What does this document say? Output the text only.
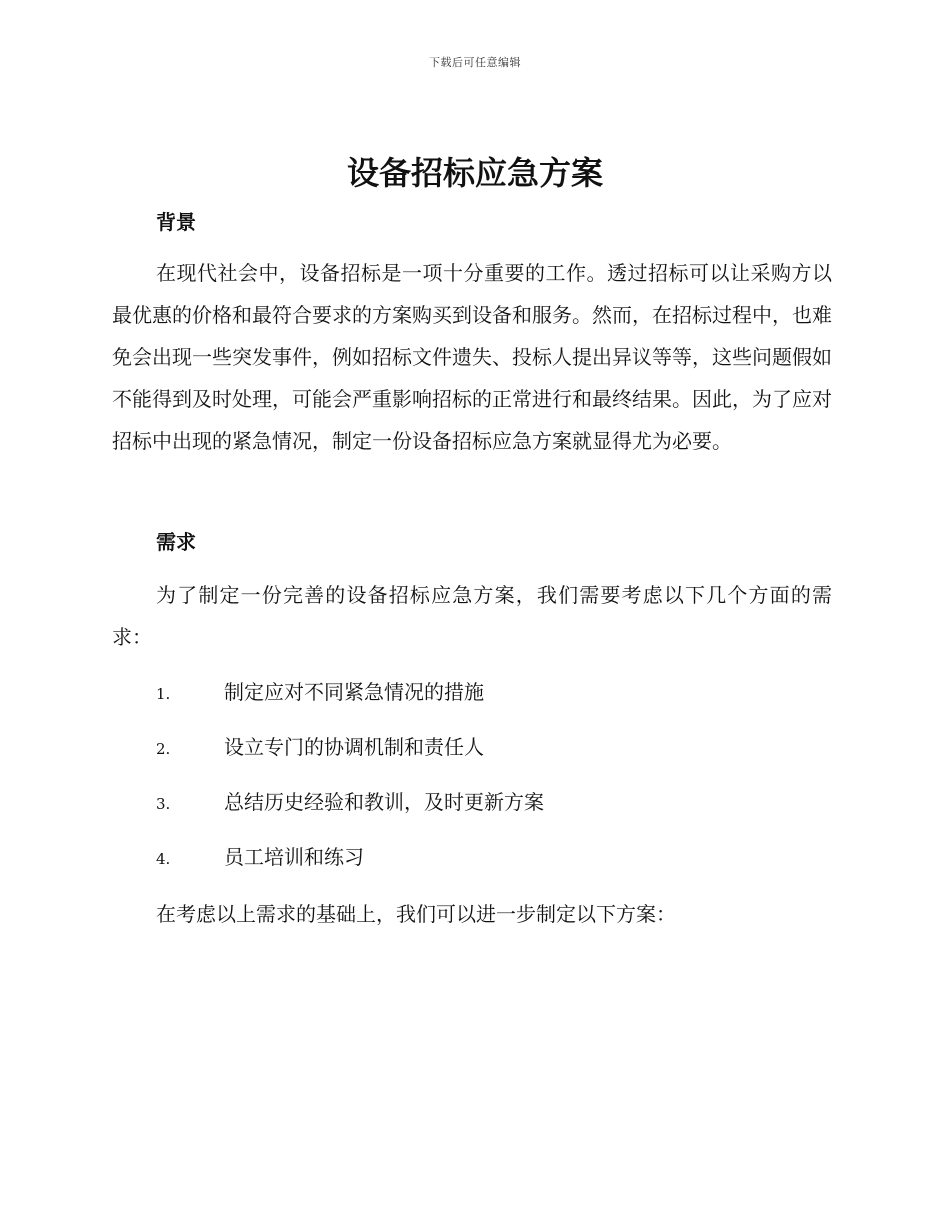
下载后可任意编辑
设备招标应急方案
背景

在现代社会中，设备招标是一项十分重要的工作。透过招标可以让采购方以最优惠的价格和最符合要求的方案购买到设备和服务。然而，在招标过程中，也难免会出现一些突发事件，例如招标文件遗失、投标人提出异议等等，这些问题假如不能得到及时处理，可能会严重影响招标的正常进行和最终结果。因此，为了应对招标中出现的紧急情况，制定一份设备招标应急方案就显得尤为必要。

需求

为了制定一份完善的设备招标应急方案，我们需要考虑以下几个方面的需求：

1.	制定应对不同紧急情况的措施
2.	设立专门的协调机制和责任人
3.	总结历史经验和教训，及时更新方案
4.	员工培训和练习

在考虑以上需求的基础上，我们可以进一步制定以下方案：
